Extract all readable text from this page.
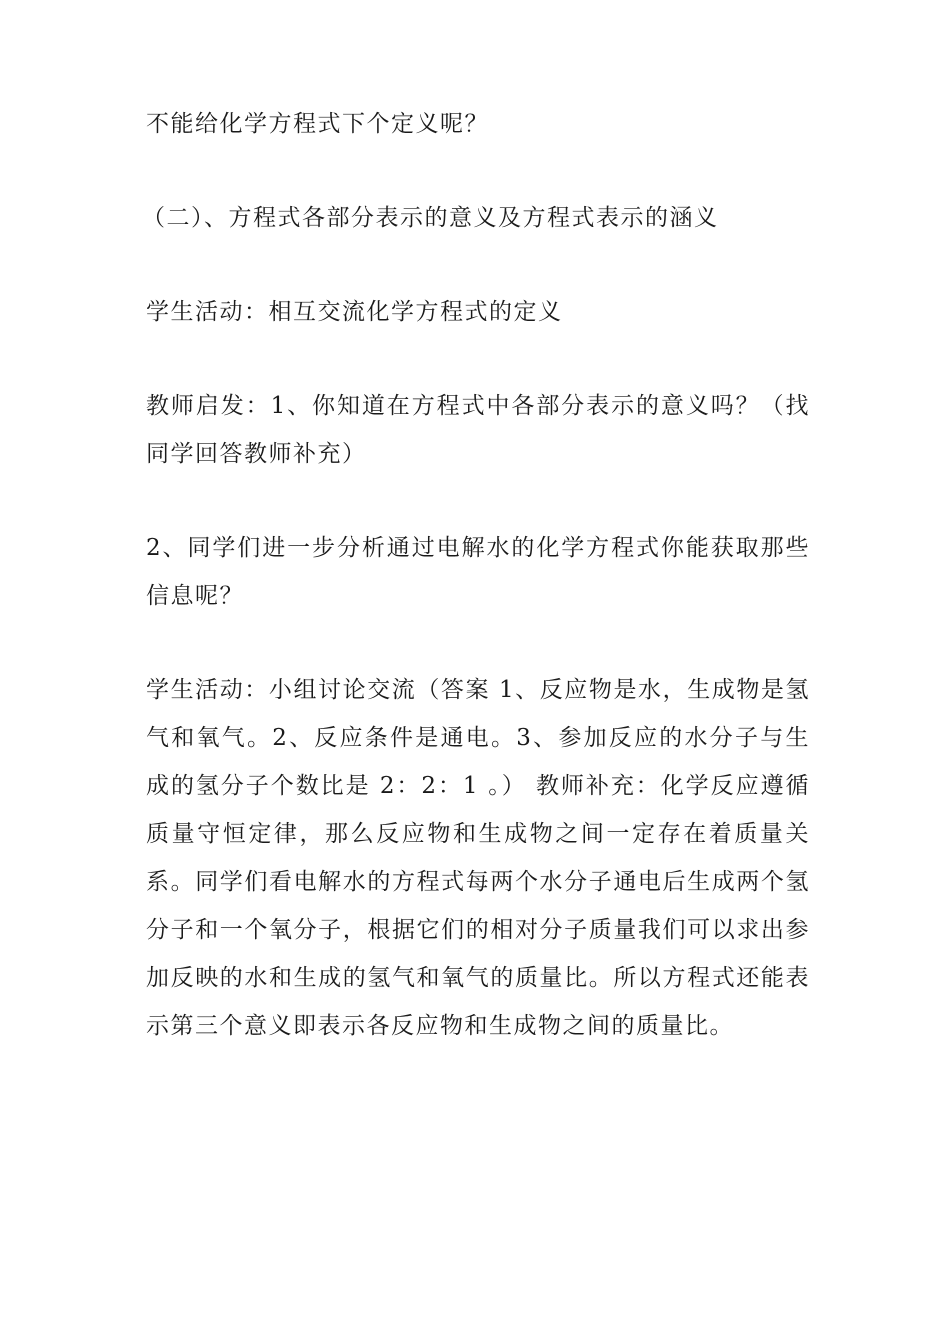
不能给化学方程式下个定义呢？

（二）、方程式各部分表示的意义及方程式表示的涵义

学生活动：相互交流化学方程式的定义

教师启发：1、你知道在方程式中各部分表示的意义吗？（找同学回答教师补充）

2、同学们进一步分析通过电解水的化学方程式你能获取那些信息呢？

学生活动：小组讨论交流（答案 1、反应物是水，生成物是氢气和氧气。2、反应条件是通电。3、参加反应的水分子与生成的氢分子个数比是 2：2：1 。） 教师补充：化学反应遵循质量守恒定律，那么反应物和生成物之间一定存在着质量关系。同学们看电解水的方程式每两个水分子通电后生成两个氢分子和一个氧分子，根据它们的相对分子质量我们可以求出参加反映的水和生成的氢气和氧气的质量比。所以方程式还能表示第三个意义即表示各反应物和生成物之间的质量比。
